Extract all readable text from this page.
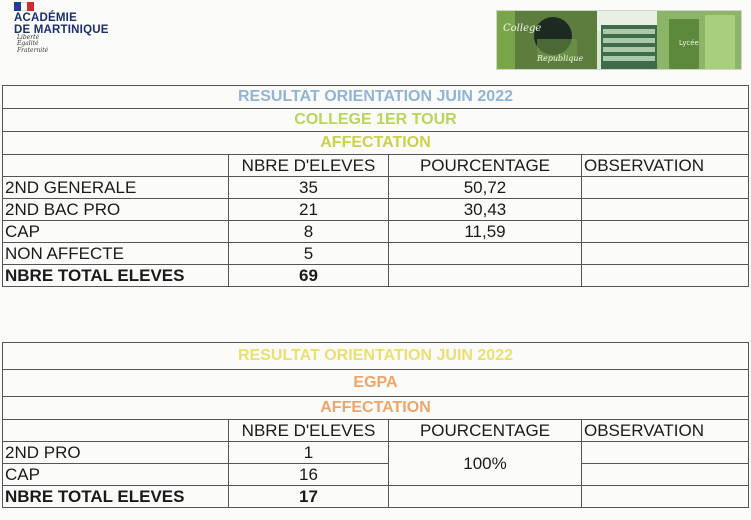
ACADÉMIE
DE MARTINIQUE
Liberté
Égalité
Fraternité
College
Republique
Lycée
RESULTAT ORIENTATION JUIN 2022			
COLLEGE 1ER TOUR			
AFFECTATION			
	NBRE D'ELEVES	POURCENTAGE	OBSERVATION
2ND GENERALE	35	50,72	
2ND BAC PRO	21	30,43	
CAP	8	11,59	
NON AFFECTE	5		
NBRE TOTAL ELEVES	69		
RESULTAT ORIENTATION JUIN 2022			
EGPA			
AFFECTATION			
	NBRE D'ELEVES	POURCENTAGE	OBSERVATION
2ND PRO	1	100%	
CAP	16		
NBRE TOTAL ELEVES	17		
